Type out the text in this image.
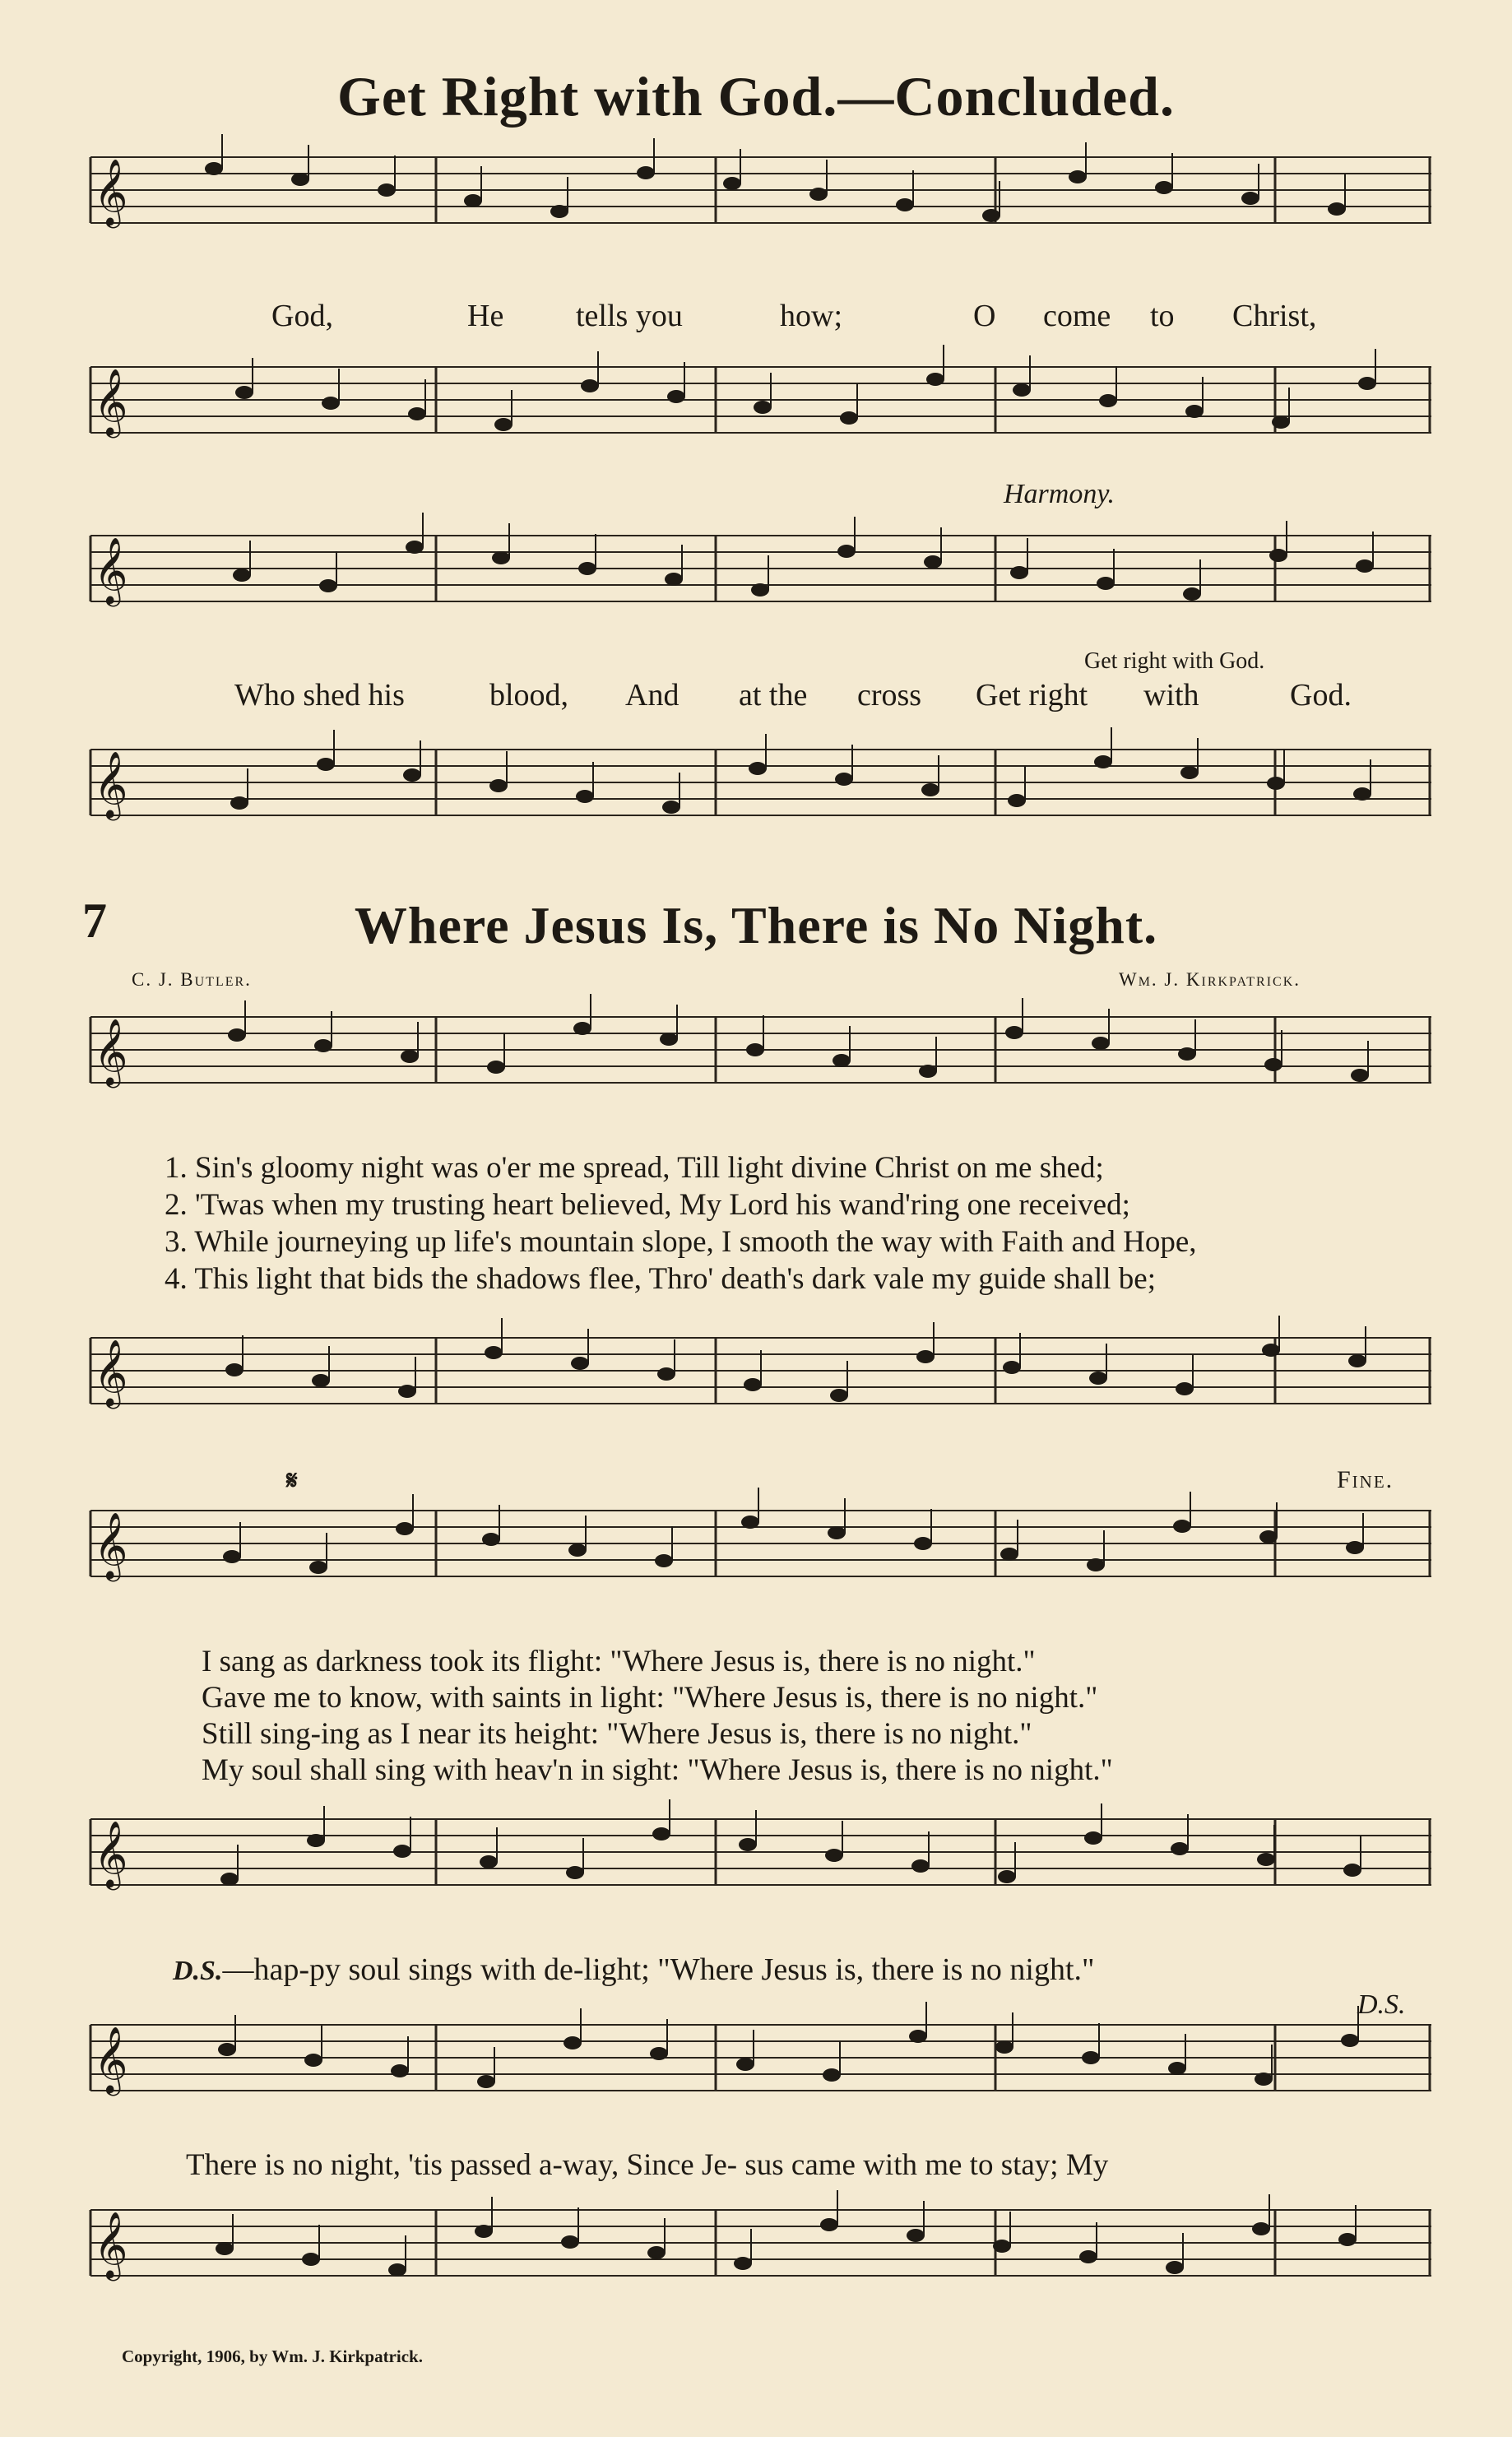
Get Right with God.—Concluded.
𝄞
God,	He tells you	how;	O come to Christ,
𝄞
Harmony.
𝄞
Get right with God.
Who shed his	blood, And at the cross Get right with	God.
𝄞
7	Where Jesus Is, There is No Night.
C. J. Butler.	Wm. J. Kirkpatrick.
𝄞
1. Sin's gloomy night was o'er me spread, Till light divine Christ on me shed;
2. 'Twas when my trusting heart believed, My Lord his wand'ring one received;
3. While journeying up life's mountain slope, I smooth the way with Faith and Hope,
4. This light that bids the shadows flee, Thro' death's dark vale my guide shall be;
𝄞
𝄋	Fine.
𝄞
I sang as darkness took its flight: "Where Jesus is, there is no night."
Gave me to know, with saints in light: "Where Jesus is, there is no night."
Still sing-ing as I near its height: "Where Jesus is, there is no night."
My soul shall sing with heav'n in sight: "Where Jesus is, there is no night."
𝄞
D.S.—hap-py soul sings with de-light; "Where Jesus is, there is no night."
D.S.
𝄞
There is no night, 'tis passed a-way, Since Je- sus came with me to stay; My
𝄞
Copyright, 1906, by Wm. J. Kirkpatrick.
